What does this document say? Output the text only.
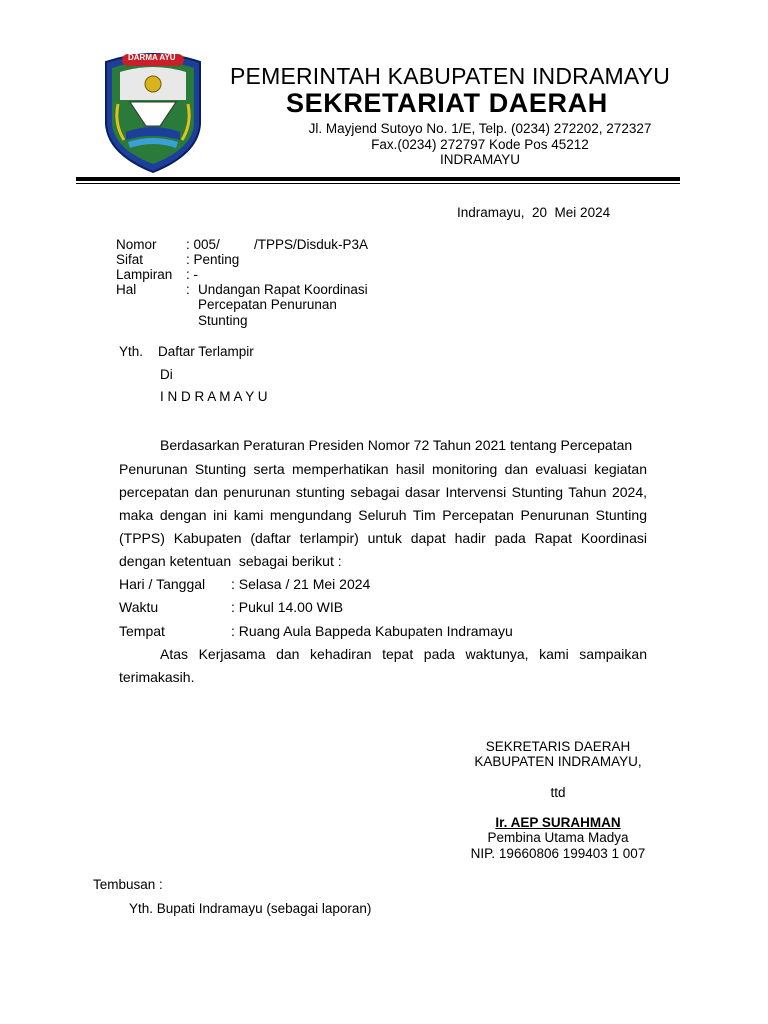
DARMA AYU
PEMERINTAH KABUPATEN INDRAMAYU
SEKRETARIAT DAERAH
Jl. Mayjend Sutoyo No. 1/E, Telp. (0234) 272202, 272327
Fax.(0234) 272797 Kode Pos 45212
INDRAMAYU
Indramayu,  20  Mei 2024
Nomor : 005/	/TPPS/Disduk-P3A
Sifat	: Penting
Lampiran : -
Hal	: Undangan Rapat Koordinasi
Percepatan Penurunan
Stunting
Yth. Daftar Terlampir
Di
I N D R A M A Y U
Berdasarkan Peraturan Presiden Nomor 72 Tahun 2021 tentang Percepatan
Penurunan Stunting serta memperhatikan hasil monitoring dan evaluasi kegiatan
percepatan dan penurunan stunting sebagai dasar Intervensi Stunting Tahun 2024,
maka dengan ini kami mengundang Seluruh Tim Percepatan Penurunan Stunting
(TPPS) Kabupaten (daftar terlampir) untuk dapat hadir pada Rapat Koordinasi
dengan ketentuan  sebagai berikut :
Hari / Tanggal : Selasa / 21 Mei 2024
Waktu	: Pukul 14.00 WIB
Tempat	: Ruang Aula Bappeda Kabupaten Indramayu
Atas Kerjasama dan kehadiran tepat pada waktunya, kami sampaikan
terimakasih.
SEKRETARIS DAERAH
KABUPATEN INDRAMAYU,
ttd
Ir. AEP SURAHMAN
Pembina Utama Madya
NIP. 19660806 199403 1 007
Tembusan :
Yth. Bupati Indramayu (sebagai laporan)
